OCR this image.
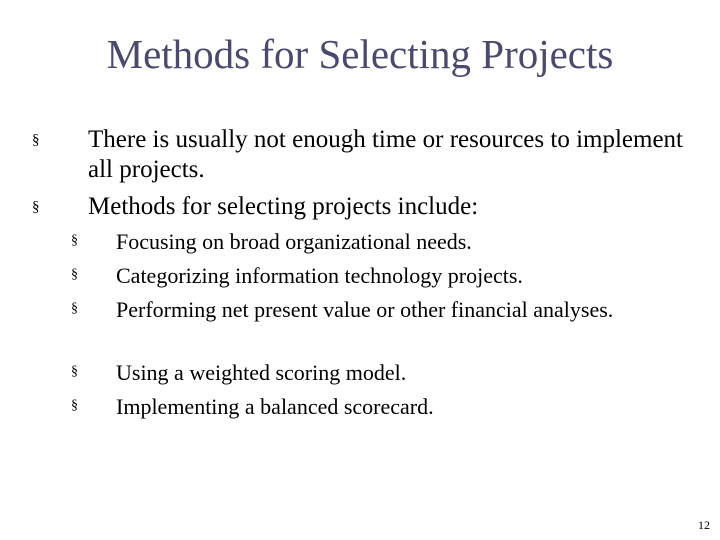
Methods for Selecting Projects
§ There is usually not enough time or resources to implement all projects.
§ Methods for selecting projects include:
§ Focusing on broad organizational needs.
§ Categorizing information technology projects.
§ Performing net present value or other financial analyses.
§ Using a weighted scoring model.
§ Implementing a balanced scorecard.
12
